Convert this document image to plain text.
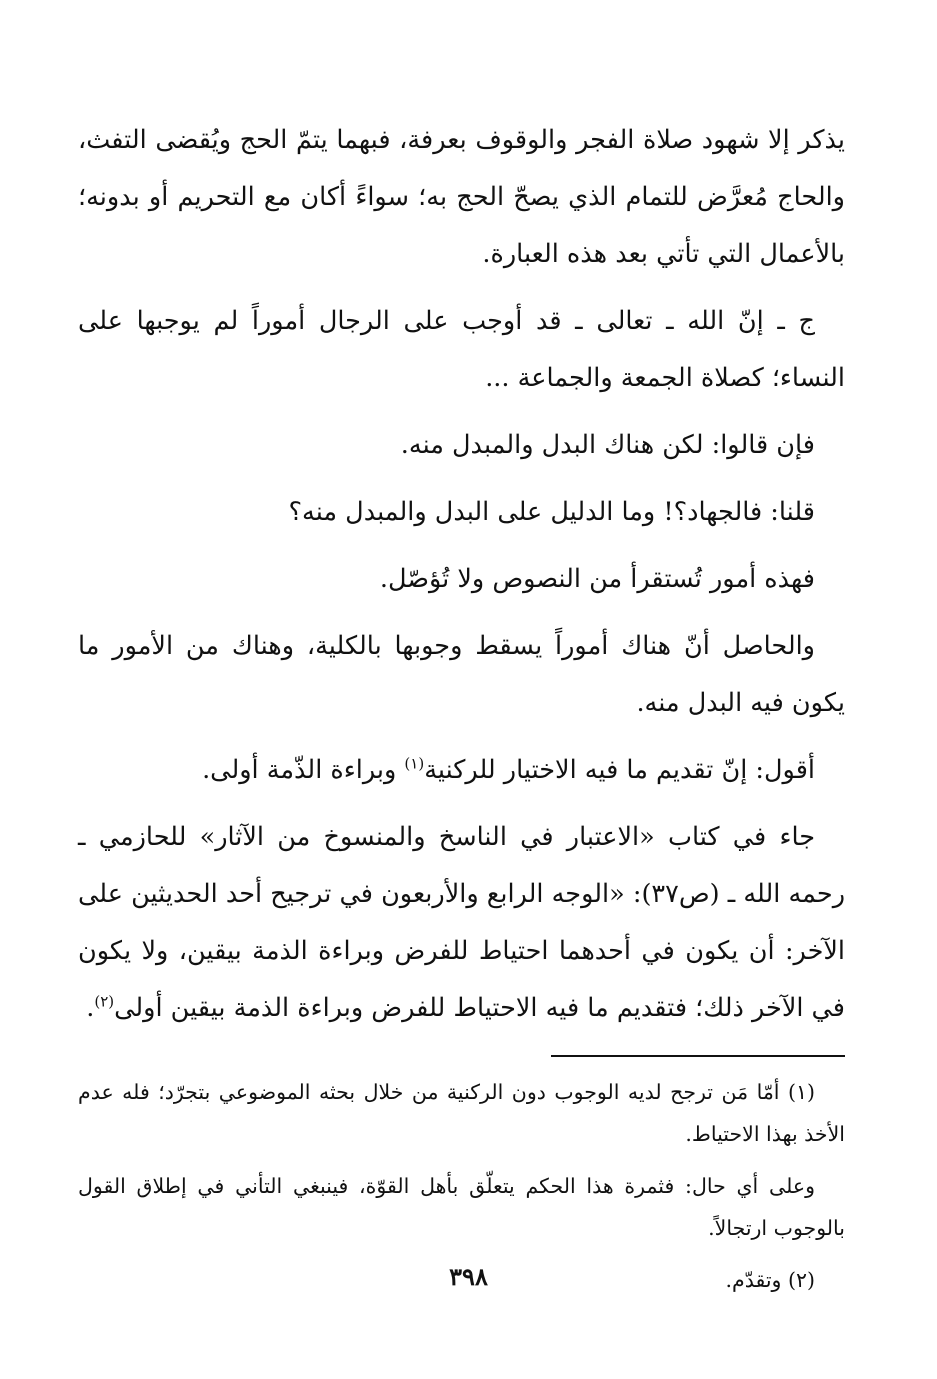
يذكر إلا شهود صلاة الفجر والوقوف بعرفة، فبهما يتمّ الحج ويُقضى التفث، والحاج مُعرَّض للتمام الذي يصحّ الحج به؛ سواءً أكان مع التحريم أو بدونه؛ بالأعمال التي تأتي بعد هذه العبارة.

ج ـ إنّ الله ـ تعالى ـ قد أوجب على الرجال أموراً لم يوجبها على النساء؛ كصلاة الجمعة والجماعة ...

فإن قالوا: لكن هناك البدل والمبدل منه.

قلنا: فالجهاد؟! وما الدليل على البدل والمبدل منه؟

فهذه أمور تُستقرأ من النصوص ولا تُؤصّل.

والحاصل أنّ هناك أموراً يسقط وجوبها بالكلية، وهناك من الأمور ما يكون فيه البدل منه.

أقول: إنّ تقديم ما فيه الاختيار للركنية$^{(١)}$ وبراءة الذّمة أولى.

جاء في كتاب «الاعتبار في الناسخ والمنسوخ من الآثار» للحازمي ـ رحمه الله ـ (ص٣٧): «الوجه الرابع والأربعون في ترجيح أحد الحديثين على الآخر: أن يكون في أحدهما احتياط للفرض وبراءة الذمة بيقين، ولا يكون في الآخر ذلك؛ فتقديم ما فيه الاحتياط للفرض وبراءة الذمة بيقين أولى$^{(٢)}$.

(١) أمّا مَن ترجح لديه الوجوب دون الركنية من خلال بحثه الموضوعي بتجرّد؛ فله عدم الأخذ بهذا الاحتياط.

وعلى أي حال: فثمرة هذا الحكم يتعلّق بأهل القوّة، فينبغي التأني في إطلاق القول بالوجوب ارتجالاً.

(٢) وتقدّم.

٣٩٨
